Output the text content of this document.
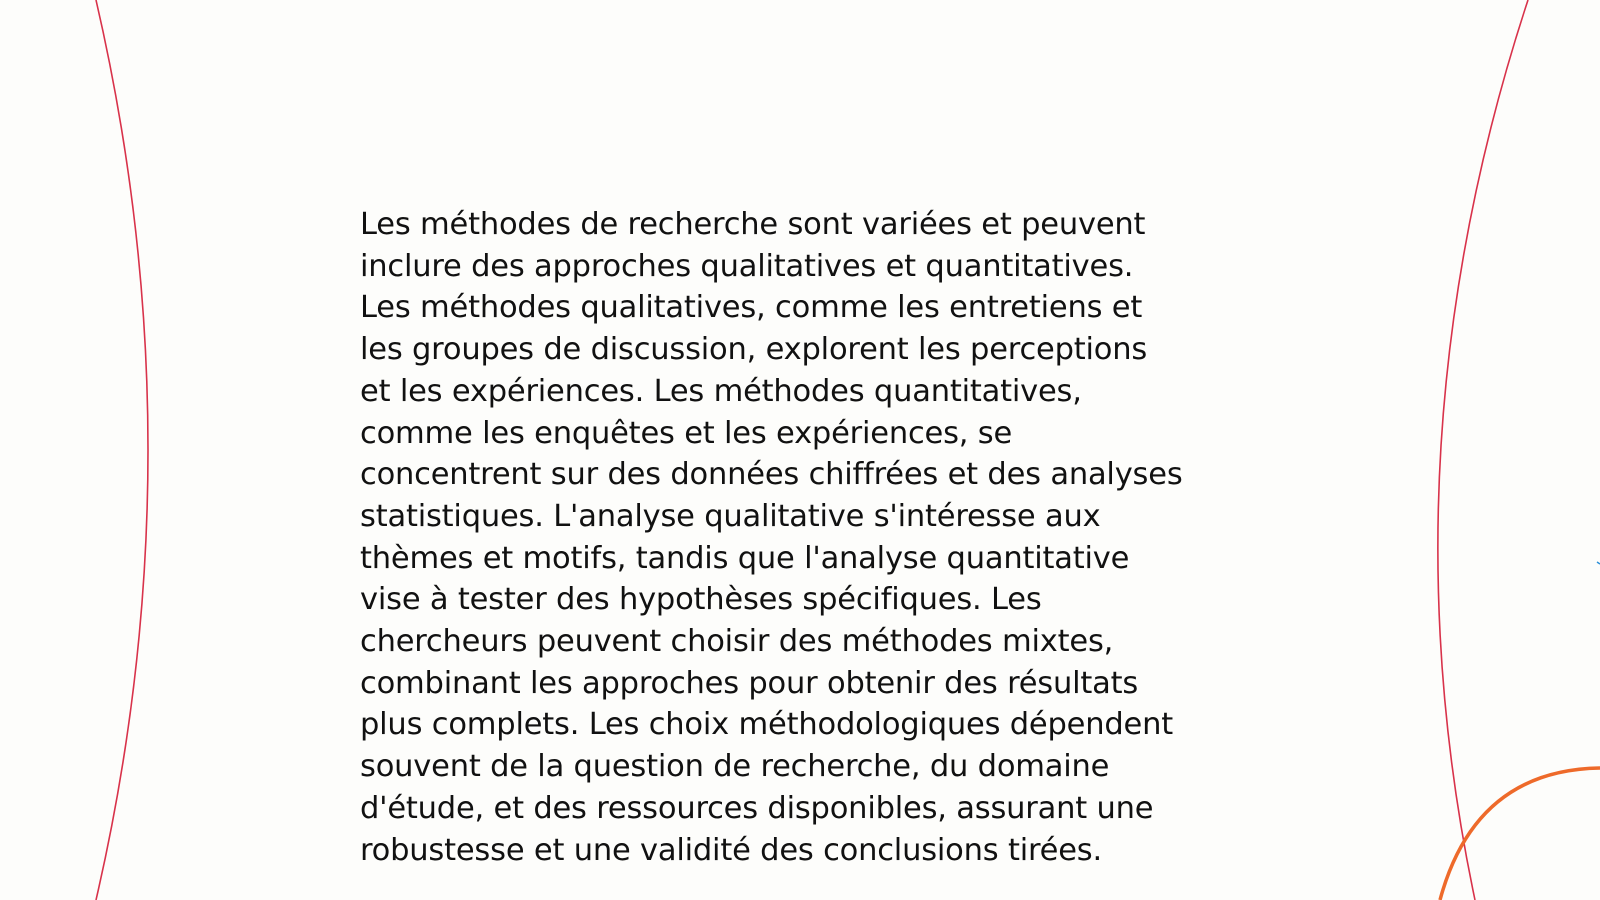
Les méthodes de recherche sont variées et peuvent
inclure des approches qualitatives et quantitatives.
Les méthodes qualitatives, comme les entretiens et
les groupes de discussion, explorent les perceptions
et les expériences. Les méthodes quantitatives,
comme les enquêtes et les expériences, se
concentrent sur des données chiffrées et des analyses
statistiques. L'analyse qualitative s'intéresse aux
thèmes et motifs, tandis que l'analyse quantitative
vise à tester des hypothèses spécifiques. Les
chercheurs peuvent choisir des méthodes mixtes,
combinant les approches pour obtenir des résultats
plus complets. Les choix méthodologiques dépendent
souvent de la question de recherche, du domaine
d'étude, et des ressources disponibles, assurant une
robustesse et une validité des conclusions tirées.
